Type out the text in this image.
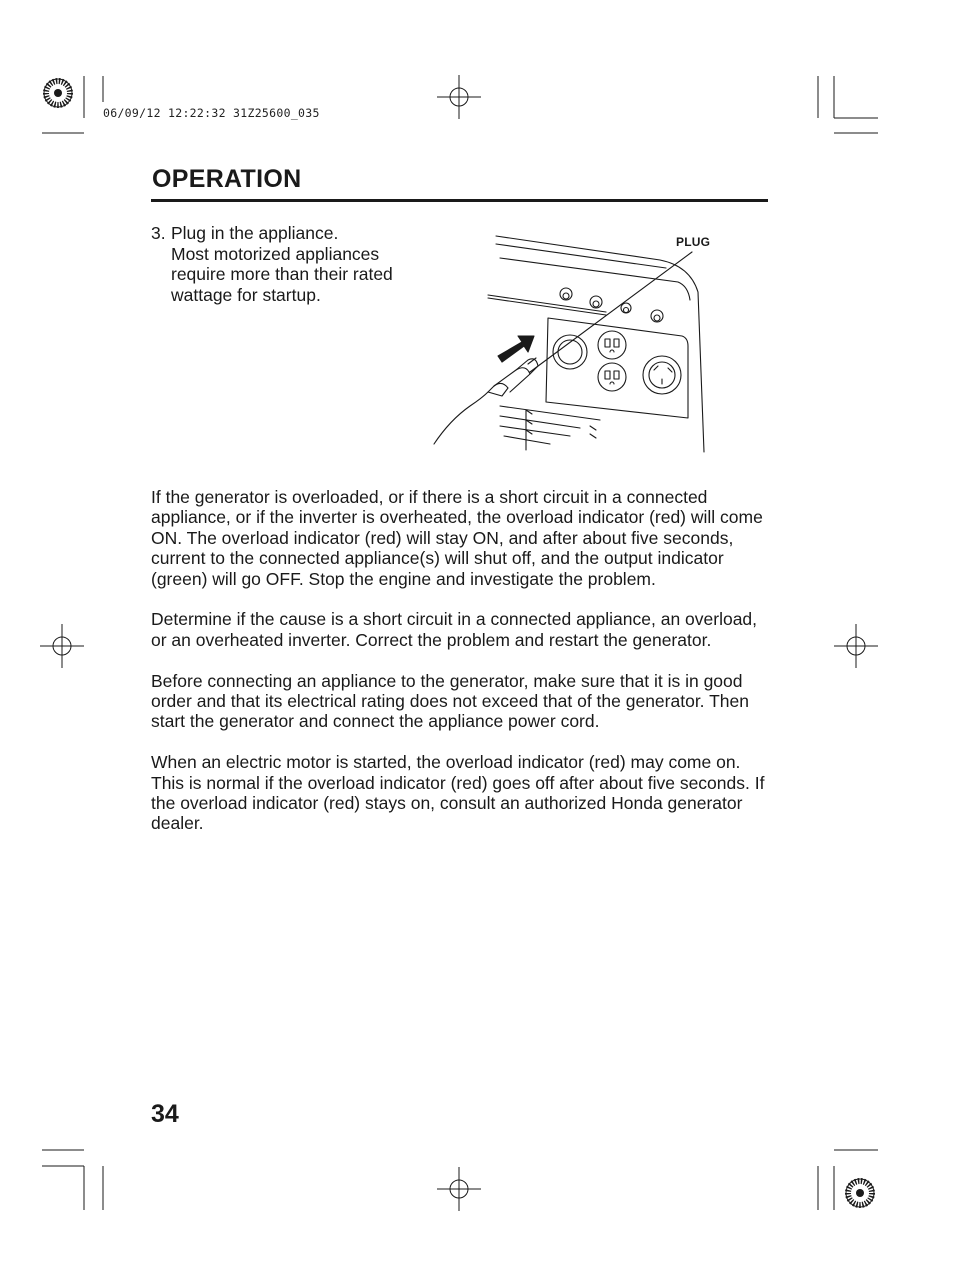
06/09/12 12:22:32 31Z25600_035
OPERATION
3. Plug in the appliance.
Most motorized appliances
require more than their rated
wattage for startup.
PLUG

If the generator is overloaded, or if there is a short circuit in a connected appliance, or if the inverter is overheated, the overload indicator (red) will come ON. The overload indicator (red) will stay ON, and after about five seconds, current to the connected appliance(s) will shut off, and the output indicator (green) will go OFF. Stop the engine and investigate the problem.

Determine if the cause is a short circuit in a connected appliance, an overload, or an overheated inverter. Correct the problem and restart the generator.

Before connecting an appliance to the generator, make sure that it is in good order and that its electrical rating does not exceed that of the generator. Then start the generator and connect the appliance power cord.

When an electric motor is started, the overload indicator (red) may come on. This is normal if the overload indicator (red) goes off after about five seconds. If the overload indicator (red) stays on, consult an authorized Honda generator dealer.

34
